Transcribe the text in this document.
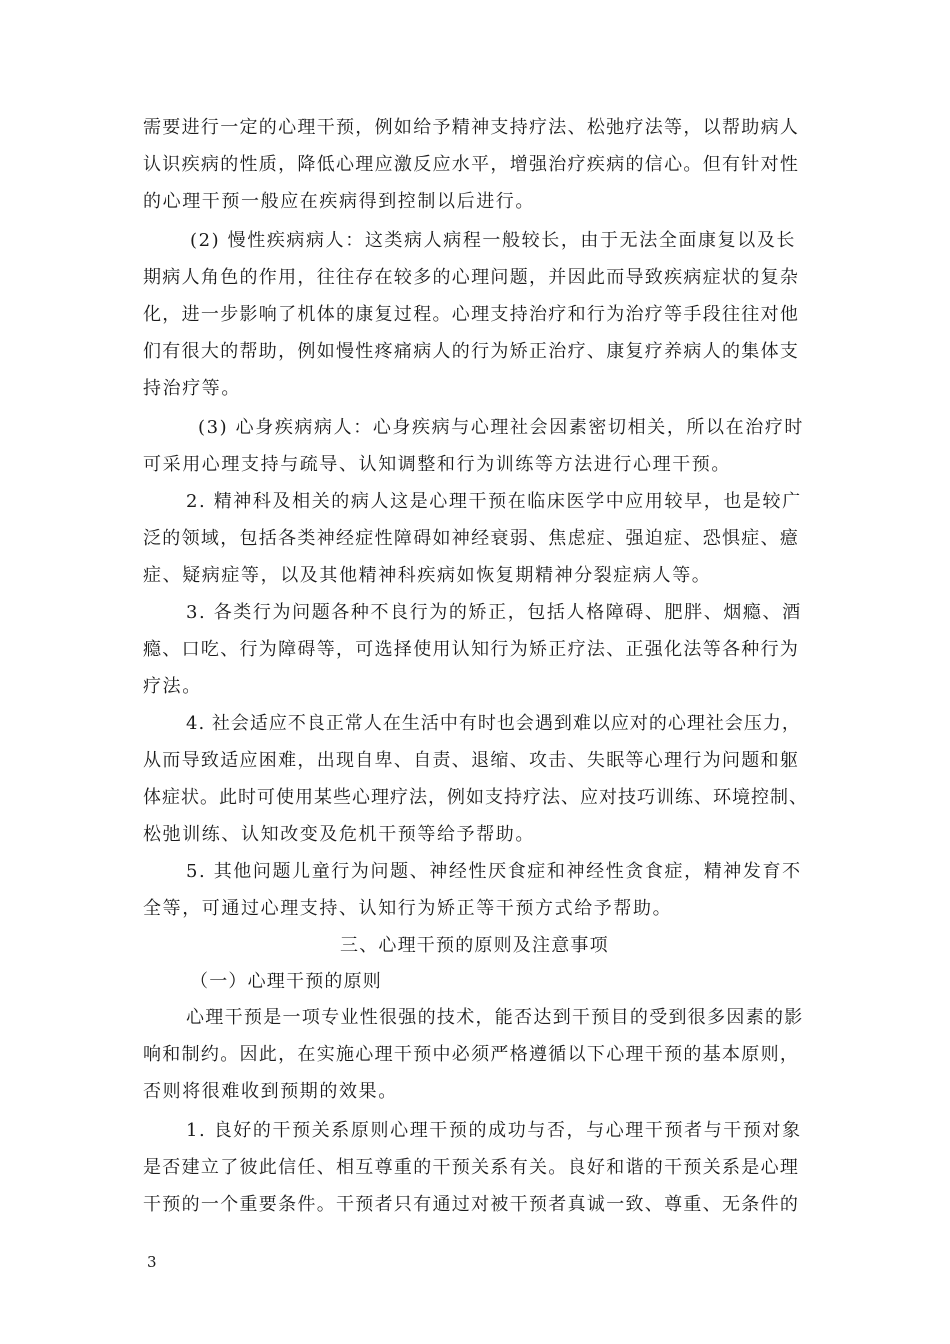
需要进行一定的心理干预，例如给予精神支持疗法、松弛疗法等，以帮助病人
认识疾病的性质，降低心理应激反应水平，增强治疗疾病的信心。但有针对性
的心理干预一般应在疾病得到控制以后进行。
(2) 慢性疾病病人：这类病人病程一般较长，由于无法全面康复以及长
期病人角色的作用，往往存在较多的心理问题，并因此而导致疾病症状的复杂
化，进一步影响了机体的康复过程。心理支持治疗和行为治疗等手段往往对他
们有很大的帮助，例如慢性疼痛病人的行为矫正治疗、康复疗养病人的集体支
持治疗等。
(3) 心身疾病病人：心身疾病与心理社会因素密切相关，所以在治疗时
可采用心理支持与疏导、认知调整和行为训练等方法进行心理干预。
2. 精神科及相关的病人这是心理干预在临床医学中应用较早，也是较广
泛的领域，包括各类神经症性障碍如神经衰弱、焦虑症、强迫症、恐惧症、癔
症、疑病症等，以及其他精神科疾病如恢复期精神分裂症病人等。
3. 各类行为问题各种不良行为的矫正，包括人格障碍、肥胖、烟瘾、酒
瘾、口吃、行为障碍等，可选择使用认知行为矫正疗法、正强化法等各种行为
疗法。
4. 社会适应不良正常人在生活中有时也会遇到难以应对的心理社会压力，
从而导致适应困难，出现自卑、自责、退缩、攻击、失眠等心理行为问题和躯
体症状。此时可使用某些心理疗法，例如支持疗法、应对技巧训练、环境控制、
松弛训练、认知改变及危机干预等给予帮助。
5. 其他问题儿童行为问题、神经性厌食症和神经性贪食症，精神发育不
全等，可通过心理支持、认知行为矫正等干预方式给予帮助。
三、心理干预的原则及注意事项
（一）心理干预的原则
心理干预是一项专业性很强的技术，能否达到干预目的受到很多因素的影
响和制约。因此，在实施心理干预中必须严格遵循以下心理干预的基本原则，
否则将很难收到预期的效果。
1. 良好的干预关系原则心理干预的成功与否，与心理干预者与干预对象
是否建立了彼此信任、相互尊重的干预关系有关。良好和谐的干预关系是心理
干预的一个重要条件。干预者只有通过对被干预者真诚一致、尊重、无条件的
3
